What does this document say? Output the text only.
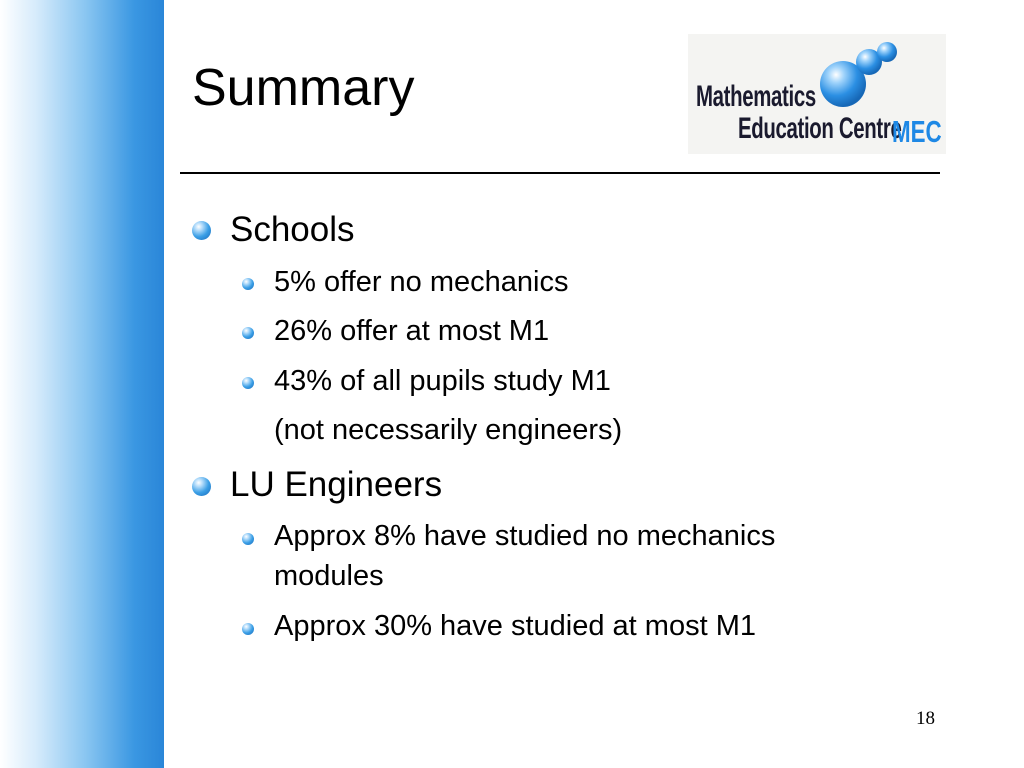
Summary	Mathematics
Education Centre
MEC
Schools
5% offer no mechanics
26% offer at most M1
43% of all pupils study M1
(not necessarily engineers)
LU Engineers
Approx 8% have studied no mechanics
modules
Approx 30% have studied at most M1
18
